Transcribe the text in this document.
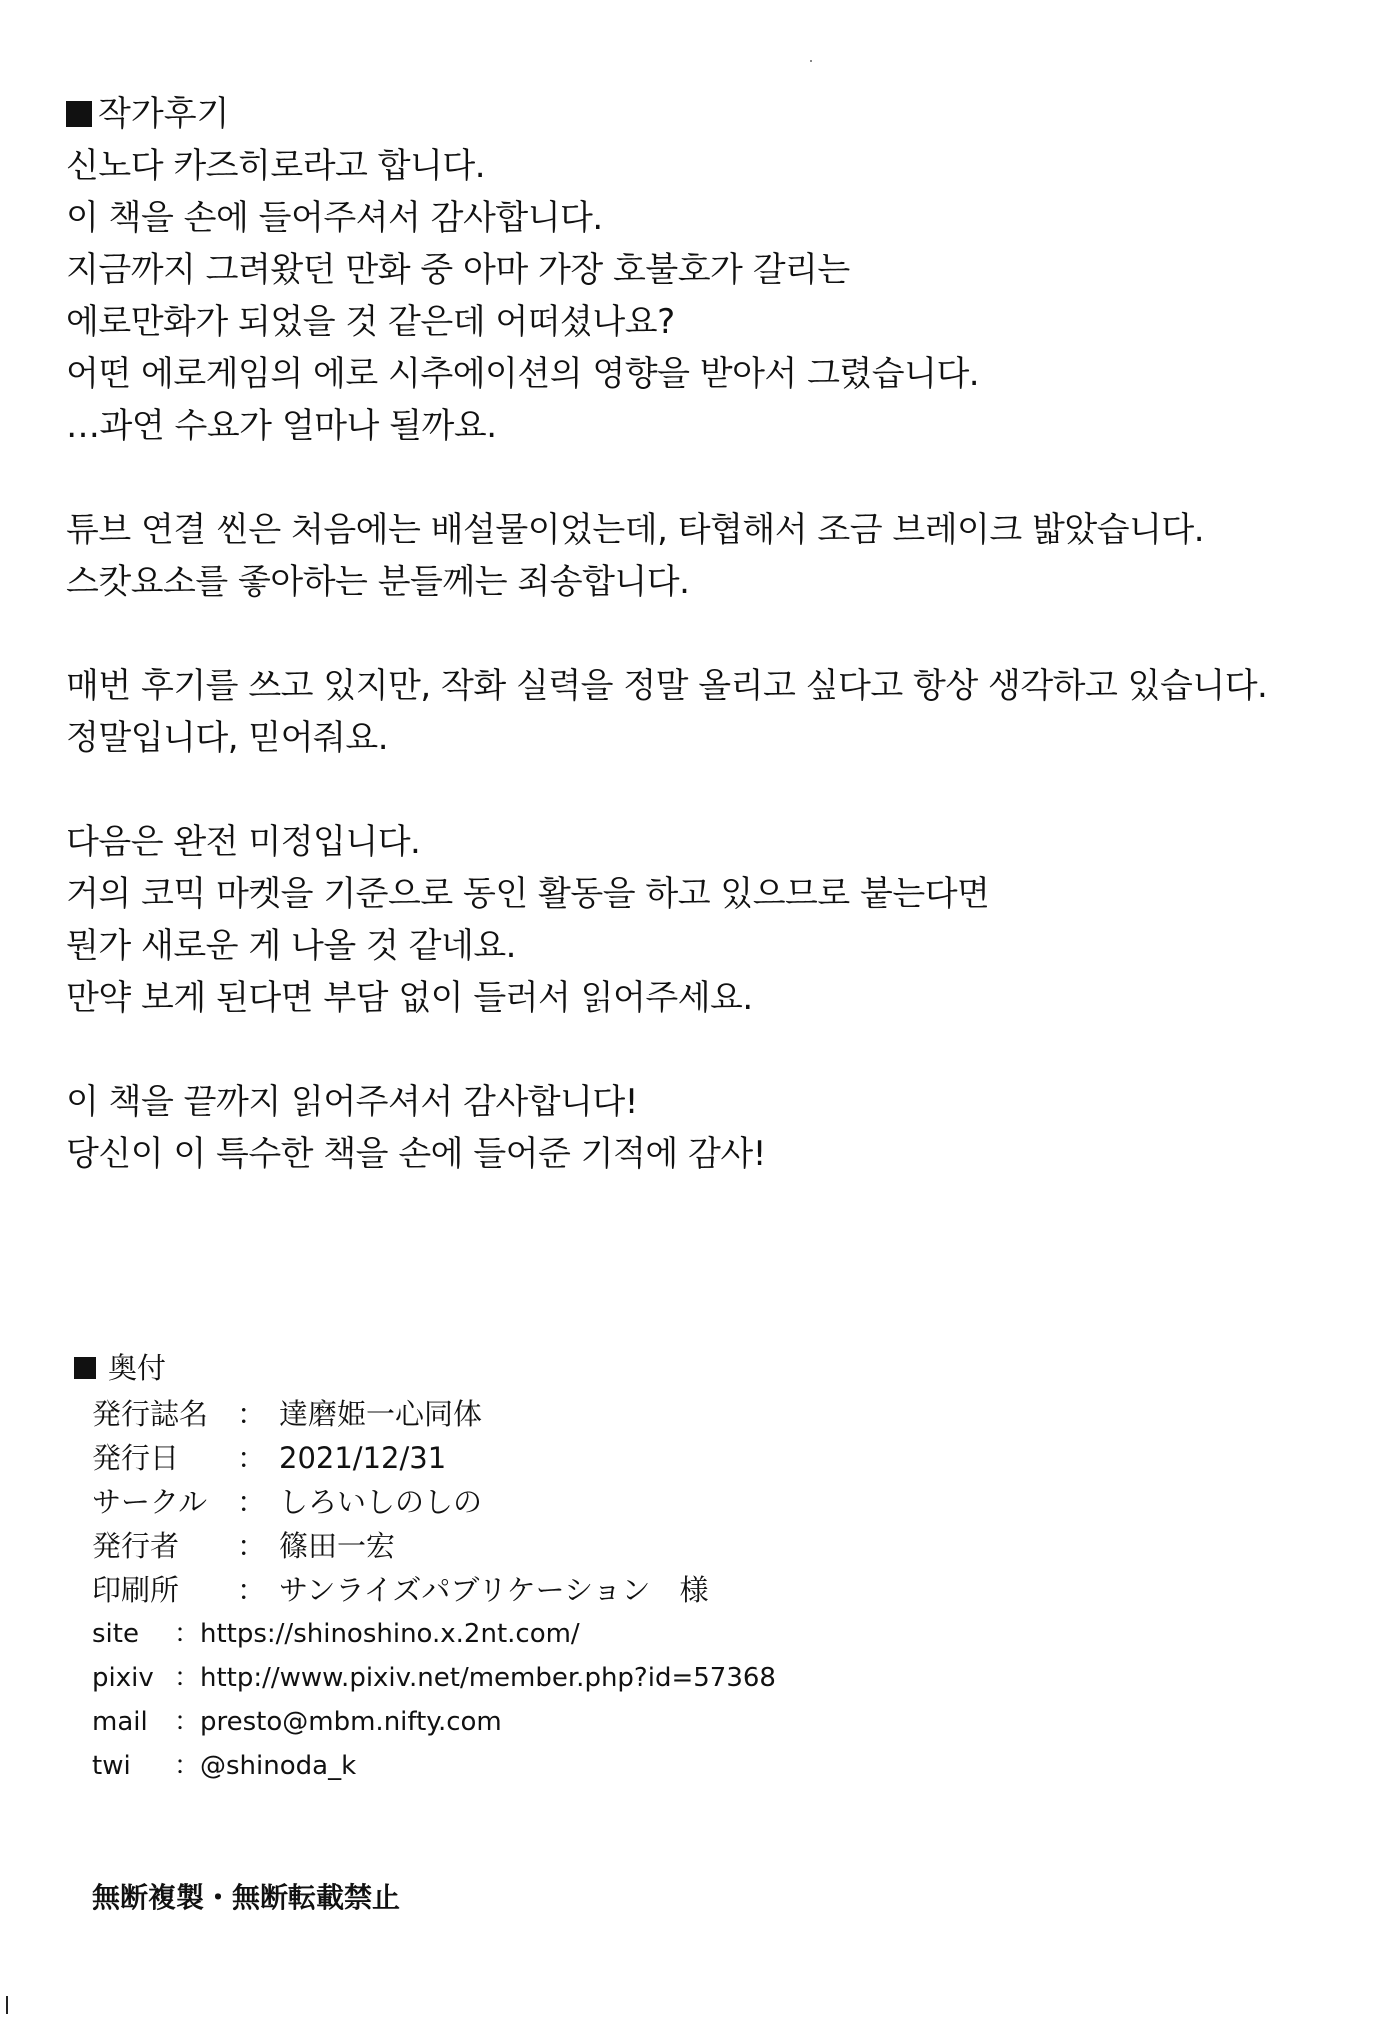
작가후기
신노다 카즈히로라고 합니다.
이 책을 손에 들어주셔서 감사합니다.
지금까지 그려왔던 만화 중 아마 가장 호불호가 갈리는
에로만화가 되었을 것 같은데 어떠셨나요?
어떤 에로게임의 에로 시추에이션의 영향을 받아서 그렸습니다.
…과연 수요가 얼마나 될까요.
튜브 연결 씬은 처음에는 배설물이었는데, 타협해서 조금 브레이크 밟았습니다.
스캇요소를 좋아하는 분들께는 죄송합니다.
매번 후기를 쓰고 있지만, 작화 실력을 정말 올리고 싶다고 항상 생각하고 있습니다.
정말입니다, 믿어줘요.
다음은 완전 미정입니다.
거의 코믹 마켓을 기준으로 동인 활동을 하고 있으므로 붙는다면
뭔가 새로운 게 나올 것 같네요.
만약 보게 된다면 부담 없이 들러서 읽어주세요.
이 책을 끝까지 읽어주셔서 감사합니다!
당신이 이 특수한 책을 손에 들어준 기적에 감사!
奥付
発行誌名 ： 達磨姫一心同体
発行日	： 2021/12/31
サークル	： しろいしのしの
発行者	： 篠田一宏
印刷所	： サンライズパブリケーション　様
site	：https://shinoshino.x.2nt.com/
pixiv ：http://www.pixiv.net/member.php?id=57368
mail	：presto@mbm.nifty.com
twi	：@shinoda_k
無断複製・無断転載禁止
